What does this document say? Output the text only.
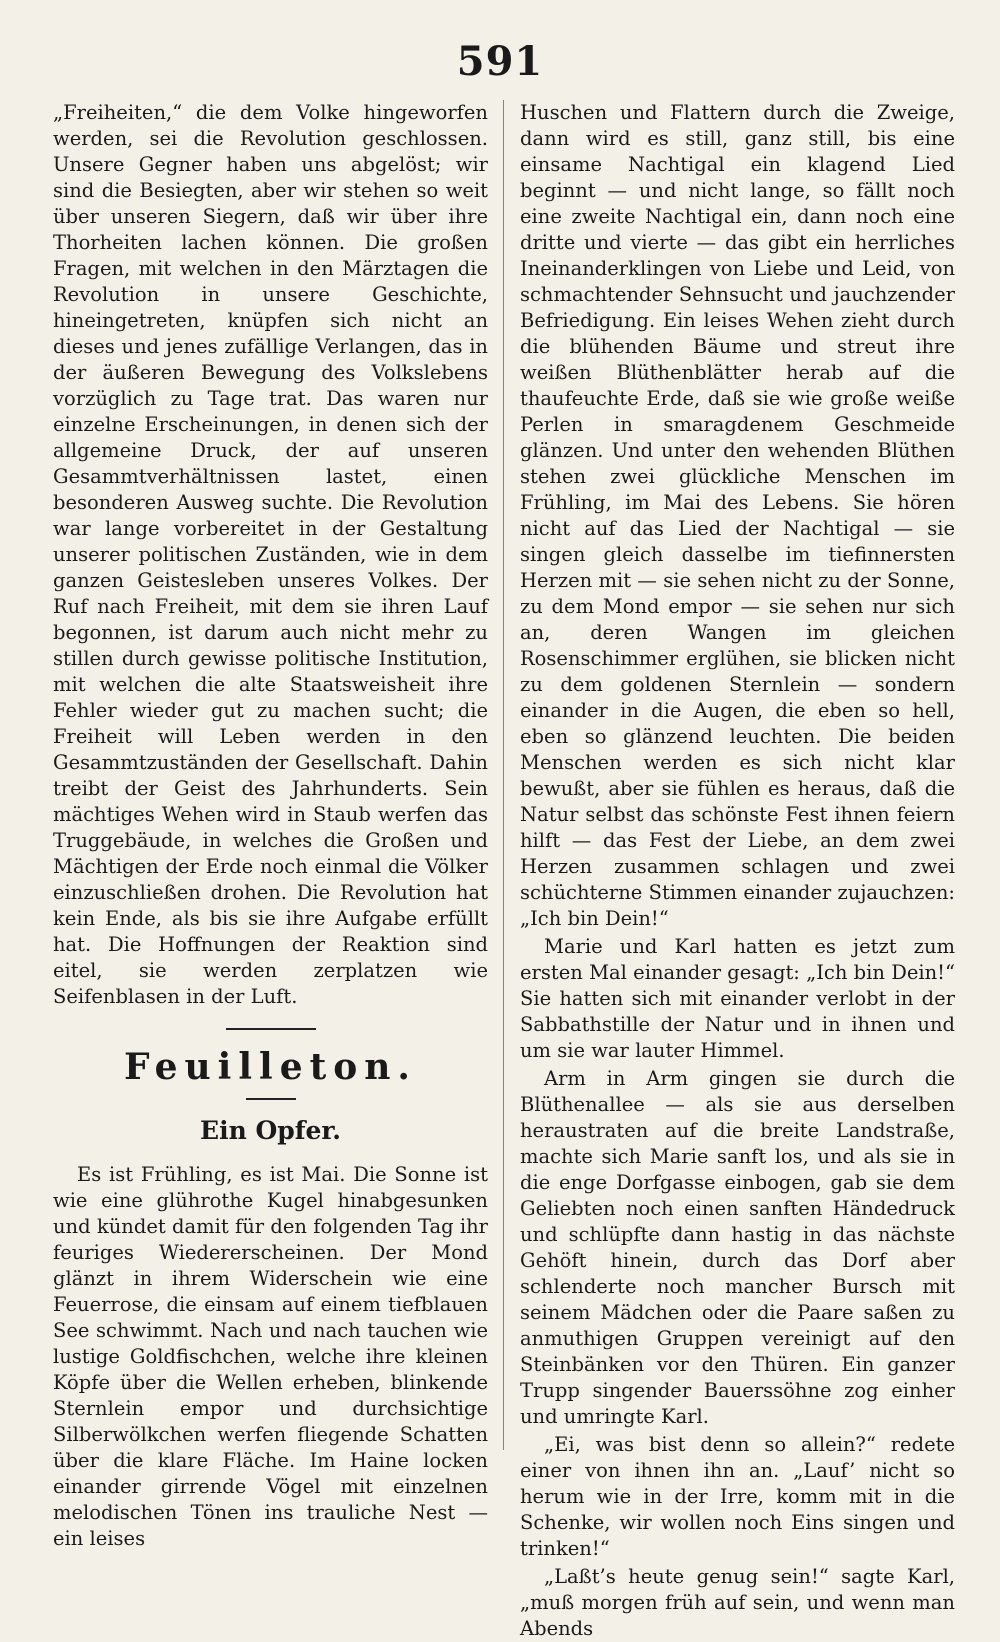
591

„Freiheiten,“ die dem Volke hingeworfen werden, sei die Revolution geschlossen. Unsere Gegner haben uns abgelöst; wir sind die Besiegten, aber wir stehen so weit über unseren Siegern, daß wir über ihre Thorheiten lachen können. Die großen Fragen, mit welchen in den Märztagen die Revolution in unsere Geschichte, hineingetreten, knüpfen sich nicht an dieses und jenes zufällige Verlangen, das in der äußeren Bewegung des Volkslebens vorzüglich zu Tage trat. Das waren nur einzelne Erscheinungen, in denen sich der allgemeine Druck, der auf unseren Gesammtverhältnissen lastet, einen besonderen Ausweg suchte. Die Revolution war lange vorbereitet in der Gestaltung unserer politischen Zuständen, wie in dem ganzen Geistesleben unseres Volkes. Der Ruf nach Freiheit, mit dem sie ihren Lauf begonnen, ist darum auch nicht mehr zu stillen durch gewisse politische Institution, mit welchen die alte Staatsweisheit ihre Fehler wieder gut zu machen sucht; die Freiheit will Leben werden in den Gesammtzuständen der Gesellschaft. Dahin treibt der Geist des Jahrhunderts. Sein mächtiges Wehen wird in Staub werfen das Truggebäude, in welches die Großen und Mächtigen der Erde noch einmal die Völker einzuschließen drohen. Die Revolution hat kein Ende, als bis sie ihre Aufgabe erfüllt hat. Die Hoffnungen der Reaktion sind eitel, sie werden zerplatzen wie Seifenblasen in der Luft.

Feuilleton.

Ein Opfer.

Es ist Frühling, es ist Mai. Die Sonne ist wie eine glührothe Kugel hinabgesunken und kündet damit für den folgenden Tag ihr feuriges Wiedererscheinen. Der Mond glänzt in ihrem Widerschein wie eine Feuerrose, die einsam auf einem tiefblauen See schwimmt. Nach und nach tauchen wie lustige Goldfischchen, welche ihre kleinen Köpfe über die Wellen erheben, blinkende Sternlein empor und durchsichtige Silberwölkchen werfen fliegende Schatten über die klare Fläche. Im Haine locken einander girrende Vögel mit einzelnen melodischen Tönen ins trauliche Nest — ein leises

Huschen und Flattern durch die Zweige, dann wird es still, ganz still, bis eine einsame Nachtigal ein klagend Lied beginnt — und nicht lange, so fällt noch eine zweite Nachtigal ein, dann noch eine dritte und vierte — das gibt ein herrliches Ineinanderklingen von Liebe und Leid, von schmachtender Sehnsucht und jauchzender Befriedigung. Ein leises Wehen zieht durch die blühenden Bäume und streut ihre weißen Blüthenblätter herab auf die thaufeuchte Erde, daß sie wie große weiße Perlen in smaragdenem Geschmeide glänzen. Und unter den wehenden Blüthen stehen zwei glückliche Menschen im Frühling, im Mai des Lebens. Sie hören nicht auf das Lied der Nachtigal — sie singen gleich dasselbe im tiefinnersten Herzen mit — sie sehen nicht zu der Sonne, zu dem Mond empor — sie sehen nur sich an, deren Wangen im gleichen Rosenschimmer erglühen, sie blicken nicht zu dem goldenen Sternlein — sondern einander in die Augen, die eben so hell, eben so glänzend leuchten. Die beiden Menschen werden es sich nicht klar bewußt, aber sie fühlen es heraus, daß die Natur selbst das schönste Fest ihnen feiern hilft — das Fest der Liebe, an dem zwei Herzen zusammen schlagen und zwei schüchterne Stimmen einander zujauchzen: „Ich bin Dein!“

Marie und Karl hatten es jetzt zum ersten Mal einander gesagt: „Ich bin Dein!“ Sie hatten sich mit einander verlobt in der Sabbathstille der Natur und in ihnen und um sie war lauter Himmel.

Arm in Arm gingen sie durch die Blüthenallee — als sie aus derselben heraustraten auf die breite Landstraße, machte sich Marie sanft los, und als sie in die enge Dorfgasse einbogen, gab sie dem Geliebten noch einen sanften Händedruck und schlüpfte dann hastig in das nächste Gehöft hinein, durch das Dorf aber schlenderte noch mancher Bursch mit seinem Mädchen oder die Paare saßen zu anmuthigen Gruppen vereinigt auf den Steinbänken vor den Thüren. Ein ganzer Trupp singender Bauerssöhne zog einher und umringte Karl.

„Ei, was bist denn so allein?“ redete einer von ihnen ihn an. „Lauf’ nicht so herum wie in der Irre, komm mit in die Schenke, wir wollen noch Eins singen und trinken!“

„Laßt’s heute genug sein!“ sagte Karl, „muß morgen früh auf sein, und wenn man Abends
